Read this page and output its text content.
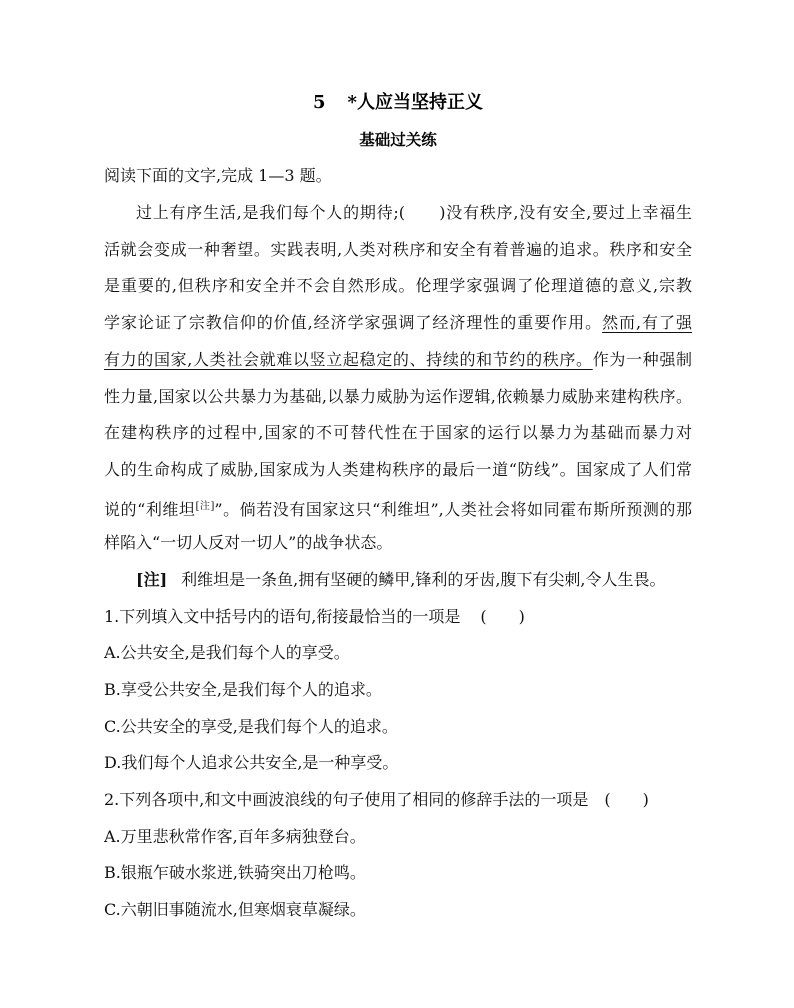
5 *人应当坚持正义
基础过关练
阅读下面的文字,完成 1—3 题。
过上有序生活,是我们每个人的期待;(　　)没有秩序,没有安全,要过上幸福生
活就会变成一种奢望。实践表明,人类对秩序和安全有着普遍的追求。秩序和安全
是重要的,但秩序和安全并不会自然形成。伦理学家强调了伦理道德的意义,宗教
学家论证了宗教信仰的价值,经济学家强调了经济理性的重要作用。然而,有了强
有力的国家,人类社会就难以竖立起稳定的、持续的和节约的秩序。作为一种强制
性力量,国家以公共暴力为基础,以暴力威胁为运作逻辑,依赖暴力威胁来建构秩序。
在建构秩序的过程中,国家的不可替代性在于国家的运行以暴力为基础而暴力对
人的生命构成了威胁,国家成为人类建构秩序的最后一道“防线”。国家成了人们常
说的“利维坦[注]”。倘若没有国家这只“利维坦”,人类社会将如同霍布斯所预测的那
样陷入“一切人反对一切人”的战争状态。
[注] 利维坦是一条鱼,拥有坚硬的鳞甲,锋利的牙齿,腹下有尖刺,令人生畏。
1.下列填入文中括号内的语句,衔接最恰当的一项是 (　　)
A.公共安全,是我们每个人的享受。
B.享受公共安全,是我们每个人的追求。
C.公共安全的享受,是我们每个人的追求。
D.我们每个人追求公共安全,是一种享受。
2.下列各项中,和文中画波浪线的句子使用了相同的修辞手法的一项是 (　　)
A.万里悲秋常作客,百年多病独登台。
B.银瓶乍破水浆迸,铁骑突出刀枪鸣。
C.六朝旧事随流水,但寒烟衰草凝绿。
